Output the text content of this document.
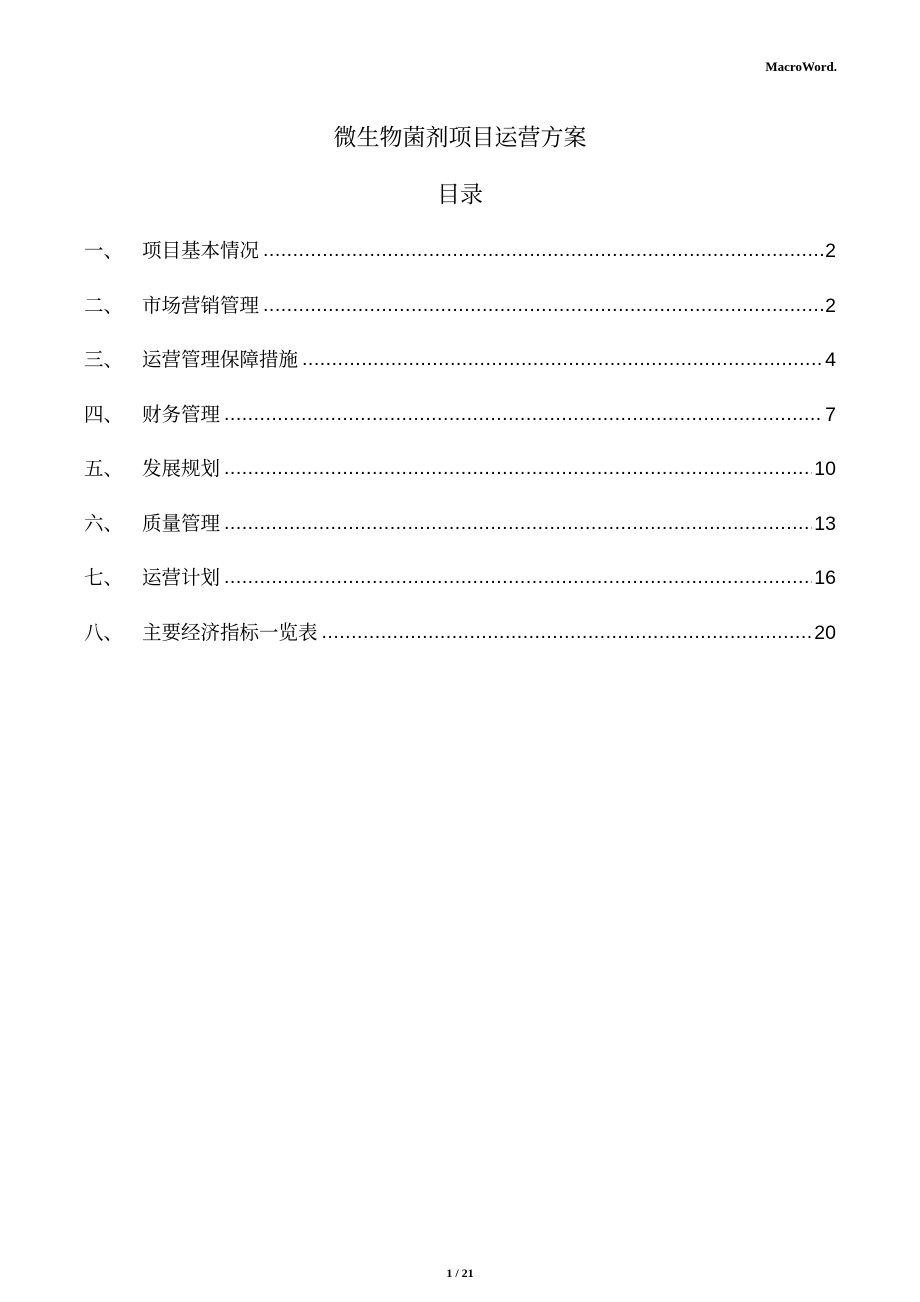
MacroWord.
微生物菌剂项目运营方案
目录
一、 项目基本情况 .....	2
二、 市场营销管理 .....	2
三、 运营管理保障措施 .....	4
四、 财务管理 .....	7
五、 发展规划 .....	10
六、 质量管理 .....	13
七、 运营计划 .....	16
八、 主要经济指标一览表 .....	20
1 / 21
